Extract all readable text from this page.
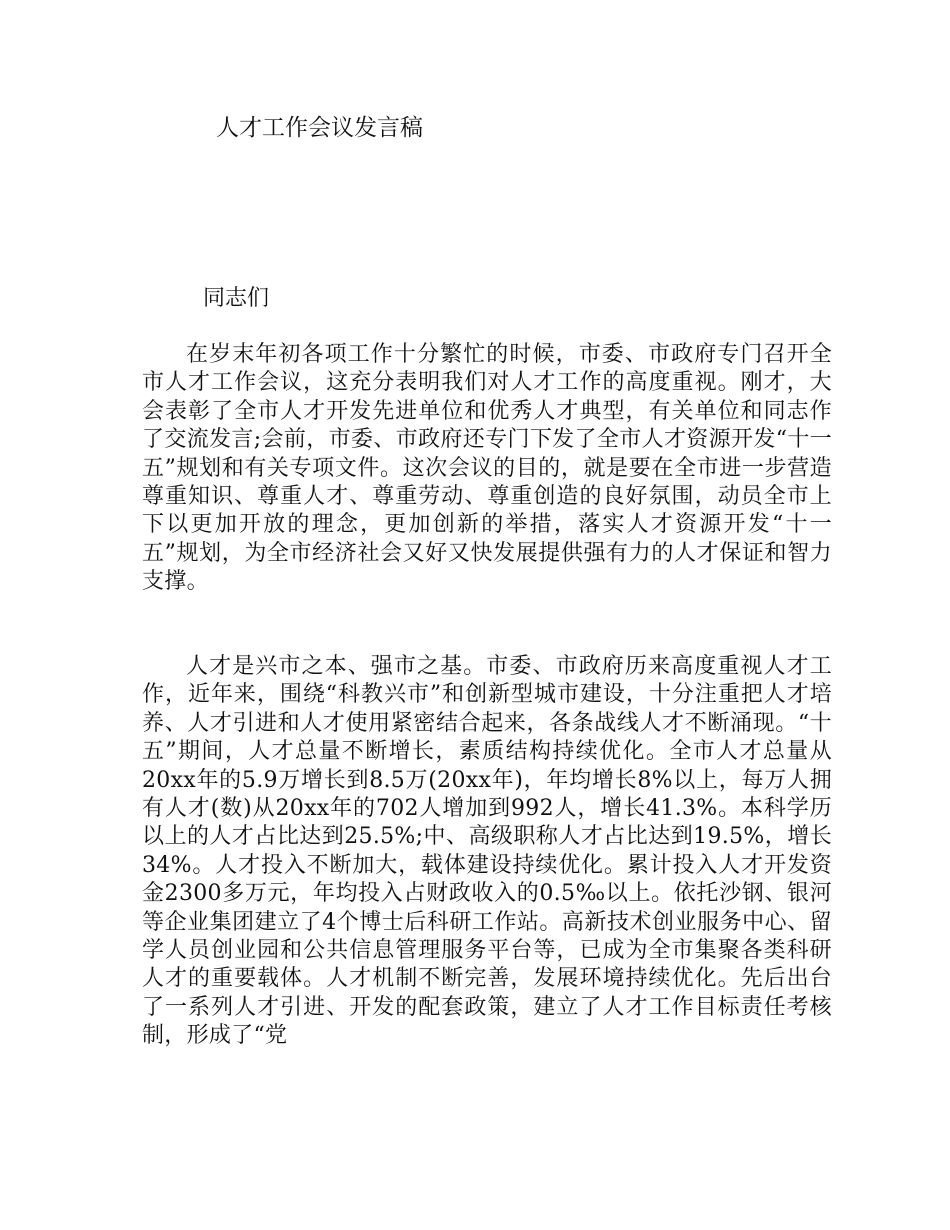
人才工作会议发言稿
同志们

在岁末年初各项工作十分繁忙的时候，市委、市政府专门召开全市人才工作会议，这充分表明我们对人才工作的高度重视。刚才，大会表彰了全市人才开发先进单位和优秀人才典型，有关单位和同志作了交流发言;会前，市委、市政府还专门下发了全市人才资源开发“十一五”规划和有关专项文件。这次会议的目的，就是要在全市进一步营造尊重知识、尊重人才、尊重劳动、尊重创造的良好氛围，动员全市上下以更加开放的理念，更加创新的举措，落实人才资源开发“十一五”规划，为全市经济社会又好又快发展提供强有力的人才保证和智力支撑。

人才是兴市之本、强市之基。市委、市政府历来高度重视人才工作，近年来，围绕“科教兴市”和创新型城市建设，十分注重把人才培养、人才引进和人才使用紧密结合起来，各条战线人才不断涌现。“十五”期间，人才总量不断增长，素质结构持续优化。全市人才总量从20xx年的5.9万增长到8.5万(20xx年)，年均增长8%以上，每万人拥有人才(数)从20xx年的702人增加到992人，增长41.3%。本科学历以上的人才占比达到25.5%;中、高级职称人才占比达到19.5%，增长34%。人才投入不断加大，载体建设持续优化。累计投入人才开发资金2300多万元，年均投入占财政收入的0.5‰以上。依托沙钢、银河等企业集团建立了4个博士后科研工作站。高新技术创业服务中心、留学人员创业园和公共信息管理服务平台等，已成为全市集聚各类科研人才的重要载体。人才机制不断完善，发展环境持续优化。先后出台了一系列人才引进、开发的配套政策，建立了人才工作目标责任考核制，形成了“党
